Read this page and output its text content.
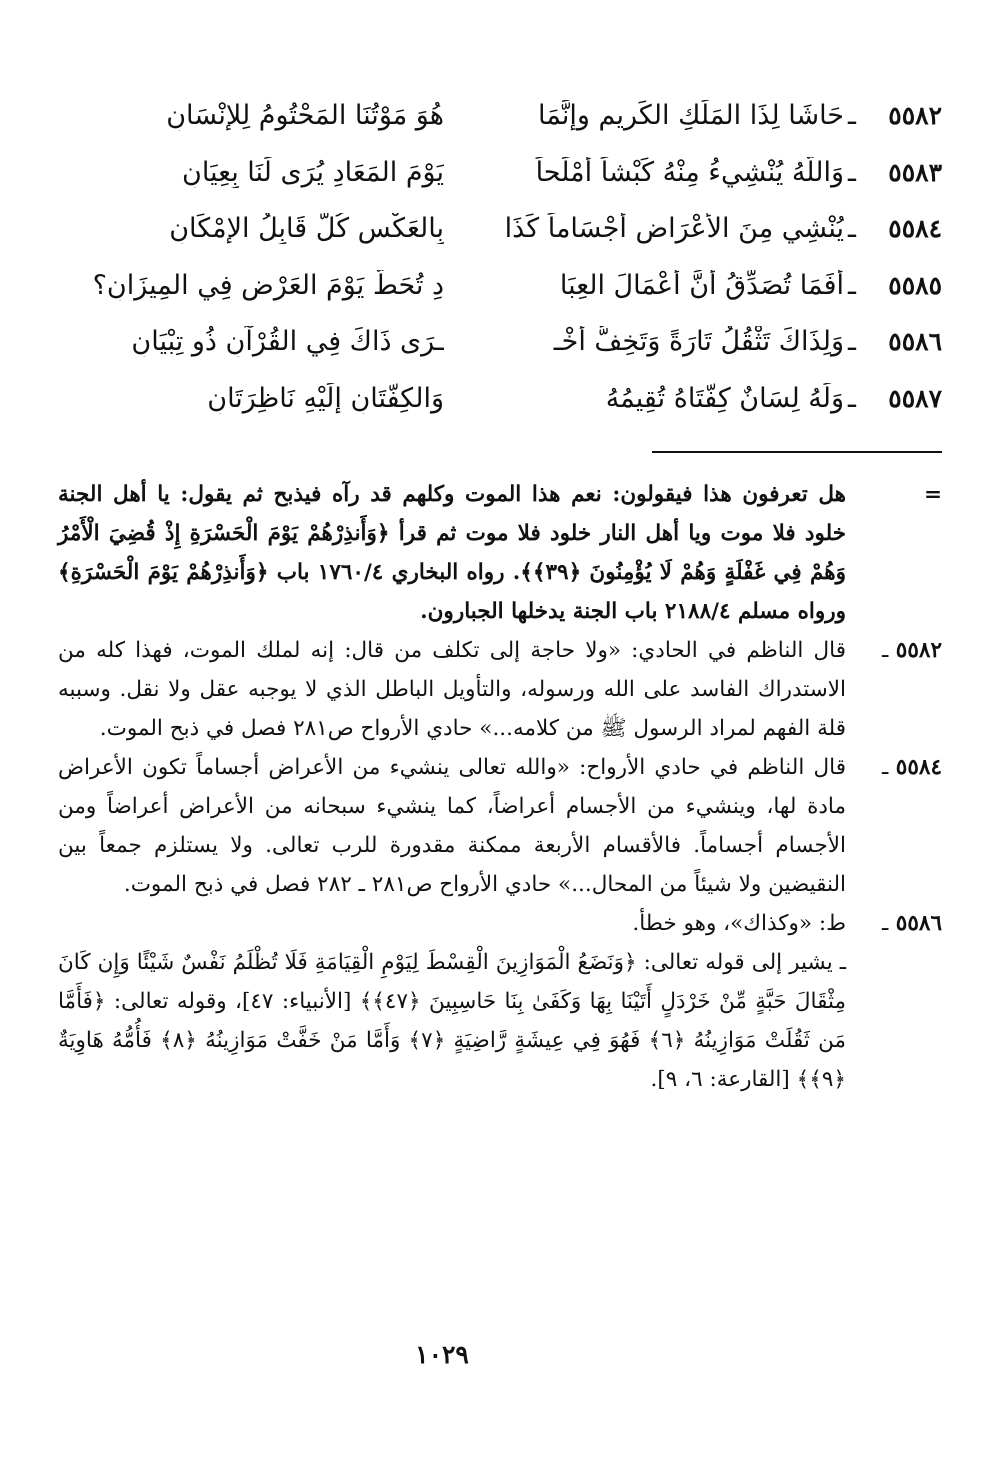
٥٥٨٢
ـ
حَاشَا لِذَا المَلَكِ الكَرِيمِ وإنَّمَا
هُوَ مَوْتُنَا المَحْتُومُ لِلإِنْسَانِ
٥٥٨٣
ـ
وَاللَّهُ يُنْشِيءُ مِنْهُ كَبْشاً أمْلَحاً
يَوْمَ المَعَادِ يُرَى لَنَا بِعِيَانِ
٥٥٨٤
ـ
يُنْشِي مِنَ الأعْرَاضِ أجْسَاماً كَذَا
بِالعَكْسِ كُلٌّ قَابِلُ الإمْكَانِ
٥٥٨٥
ـ
أفَمَا تُصَدِّقُ أنَّ أعْمَالَ العِبَا
دِ تُحَطُّ يَوْمَ العَرْضِ فِي المِيزَانِ؟
٥٥٨٦
ـ
وَلِذَاكَ تَثْقُلُ تَارَةً وَتَخِفُّ أُخْـ
ـرَى ذَاكَ فِي القُرْآنِ ذُو تِبْيَانِ
٥٥٨٧
ـ
وَلَهُ لِسَانٌ كِفَّتَاهُ تُقِيمُهُ
وَالكِفَّتَانِ إلَيْهِ نَاظِرَتَانِ
=

هل تعرفون هذا فيقولون: نعم هذا الموت وكلهم قد رآه فيذبح ثم يقول: يا أهل الجنة خلود فلا موت ويا أهل النار خلود فلا موت ثم قرأ ﴿وَأَنذِرْهُمْ يَوْمَ الْحَسْرَةِ إِذْ قُضِيَ الْأَمْرُ وَهُمْ فِي غَفْلَةٍ وَهُمْ لَا يُؤْمِنُونَ ﴿٣٩﴾﴾. رواه البخاري ١٧٦٠/٤ باب ﴿وَأَنذِرْهُمْ يَوْمَ الْحَسْرَةِ﴾ ورواه مسلم ٢١٨٨/٤ باب الجنة يدخلها الجبارون.

٥٥٨٢ ـ

قال الناظم في الحادي: «ولا حاجة إلى تكلف من قال: إنه لملك الموت، فهذا كله من الاستدراك الفاسد على الله ورسوله، والتأويل الباطل الذي لا يوجبه عقل ولا نقل. وسببه قلة الفهم لمراد الرسول ﷺ من كلامه...» حادي الأرواح ص٢٨١ فصل في ذبح الموت.

٥٥٨٤ ـ

قال الناظم في حادي الأرواح: «والله تعالى ينشيء من الأعراض أجساماً تكون الأعراض مادة لها، وينشيء من الأجسام أعراضاً، كما ينشيء سبحانه من الأعراض أعراضاً ومن الأجسام أجساماً. فالأقسام الأربعة ممكنة مقدورة للرب تعالى. ولا يستلزم جمعاً بين النقيضين ولا شيئاً من المحال...» حادي الأرواح ص٢٨١ ـ ٢٨٢ فصل في ذبح الموت.

٥٥٨٦ ـ

ط: «وكذاك»، وهو خطأ.

ـ يشير إلى قوله تعالى: ﴿وَنَضَعُ الْمَوَازِينَ الْقِسْطَ لِيَوْمِ الْقِيَامَةِ فَلَا تُظْلَمُ نَفْسٌ شَيْئًا وَإِن كَانَ مِثْقَالَ حَبَّةٍ مِّنْ خَرْدَلٍ أَتَيْنَا بِهَا وَكَفَىٰ بِنَا حَاسِبِينَ ﴿٤٧﴾﴾ [الأنبياء: ٤٧]، وقوله تعالى: ﴿فَأَمَّا مَن ثَقُلَتْ مَوَازِينُهُ ﴿٦﴾ فَهُوَ فِي عِيشَةٍ رَّاضِيَةٍ ﴿٧﴾ وَأَمَّا مَنْ خَفَّتْ مَوَازِينُهُ ﴿٨﴾ فَأُمُّهُ هَاوِيَةٌ ﴿٩﴾﴾ [القارعة: ٦، ٩].

١٠٢٩
